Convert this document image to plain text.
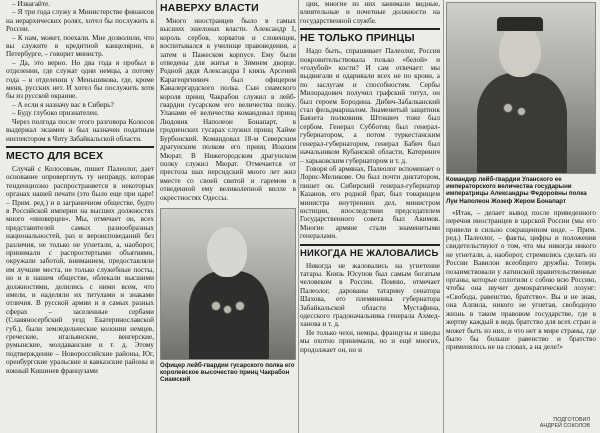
– Извагайте.

– Я три года служу в Министерстве финансов на иерархических ролях, хотел бы послужить в России.

– К нам, может, поехали. Мне дозволили, что вы служите в кредитной канцелярии, в Петербурге, – говорит министр.

– Да, это верно. Но два года я пробыл в отделении, где служат одни немцы, а потому года – в отделении у Меньшикова, где, кроме меня, русских нет. И хотел бы послужить хотя бы из русской окраине.

– А если я назначу вас в Сибирь?

– Буду глубоко признателен.

Через полгода после этого разговора Колосов выдержал экзамен и был назначен податным инспектором в Читу Забайкальской области.

МЕСТО ДЛЯ ВСЕХ

Случай с Колосовым, пишет Палеолог, дает основание опровергнуть ту неправду, которая тенденциозно распространяется в некоторых органах нашей печати (это было еще при царе! – Прим. ред.) и в заграничном обществе, будто в Российской империи на высших должностях много «иноверцев». Мы, отмечает он, всех представителей самых разнообразных национальностей, раз и вероисповеданий без различия, не только не угнетали, а, наоборот, принимали с распростертыми объятиями, окружали заботой, вниманием, предоставляли им лучшие места, не только служебные посты, но и в нашем обществе, облекали высшими должностями, делились с ними всем, что имели, и наделяли их титулами и знаками отличия. В русской армии и в самых разных сферах – заселенные сербами (Славяносербский уезд Екатеринославской губ.), были земледельческие колонии немцев, греческие, итальянские, венгерские, румынские, молдаванские и т. д. Этому подтверждение – Новоросcийские районы, Юг, оренбургские уральские и кавказские районы и южный Кишинев французами

НАВЕРХУ ВЛАСТИ

Много иностранцев было в самых высших эшелонах власти. Александр I, король сербов, хорватов и словенцев, воспитывался в училище правоведения, а затем в Пажеском корпусе. Ему были отведены для житья в Зимнем дворце. Родной дядя Александра I князь Арсений Карагеоргиевич был офицером Кавалергардского полка. Сын сиамского короля принц Чакрабон служил в лейб-гвардии гусарском его величества полку. Уланами её величества командовал принц Людовик Наполеон Бонапарт, в гродненских гусарах служил принц Хайме Бурбонский. Командовал 18-м Северским драгунским полком его принц Иоахим Мюрат. В Нижегородском драгунском полку служил Мюрат. Отмечается от престола шах персидский много лет жил вместе со своей свитой и гаремом в отведенной ему великолепной вилле в окрестностях Одессы.

Офицер лейб-гвардии гусарского полка его королевское высочество принц Чакрабон Сиамский

ции, многие из них занимали видные, влиятельные и почетные должности на государственной службе.

НЕ ТОЛЬКО ПРИНЦЫ

Надо быть, спрашивает Палеолог, Россия покровительствовала только «белой» и «голубой» кости? И сам отвечает: мы выдвигали и одаривали всех не по крови, а по заслугам и способностям. Сербы Милорадович получил графский титул, он был героем Бородина. Дибич-Забалканский стал фельдмаршалом. Знаменитый защитник Баязета полковник Штоквич тоже был сербом. Генерал Субботиц был генерал-губернатором, а потом туркестанским генерал-губернатором, генерал Бабич был начальником Кубанской области, Катеринич – харьковским губернатором и т. д.

Говоря об армянах, Палеолог вспоминает о Лорис-Меликове. Он был почти диктатором, пишет он. Сибирский генерал-губернатор Казанов, его родной брат, был товарищем министра внутренних дел, министром юстиции, впоследствии председателем Государственного совета был Акимов. Многие армяне стали знаменитыми генералами.

НИКОГДА НЕ ЖАЛОВАЛИСЬ

Никогда не жаловались на угнетение татары. Князь Юсупов был самым богатым человеком в России. Помню, отмечает Палеолог, дарованы татарину сенатора Шахова, его племянника губернатора Забайкальской области Мустафина, одесского градоначальника генерала Ахмед-ханова и т. д.

Не только чехи, немцы, французы и шведы мы охотно принимали, но и ещё многих, продолжает он, но и

Командир лейб-гвардии Уланского ее императорского величества государыни императрицы Александры Федоровны полка Луи Наполеон Жозеф Жером Бонапарт

«Итак, – делает вывод после приведенного перечня иностранцев в царской России (мы его привели в сильно сокращенном виде. – Прим. ред.) Палеолог, – факты, цифры и положения свидетельствуют о том, что мы никогда никого не угнетали, а, наоборот, стремились сделать из России Вавилон всеобщего дружбы. Теперь позаимствовали у латинской правительственные органы, которые сплотили с собою всю Россию, чтобы она звучит демократический лозунг: «Свобода, равенство, братство». Вы и не зная, она Алпила, никого не угнетая, свободную жизнь в таком правовом государстве, где в жертву каждый в ведь братство для всех стран и может быть из них, и что нет в мире страны, где было бы больше равенство и братство применялось не на словах, а на деле!»

ПОДГОТОВИЛ
АНДРЕЙ СОКОЛОВ
